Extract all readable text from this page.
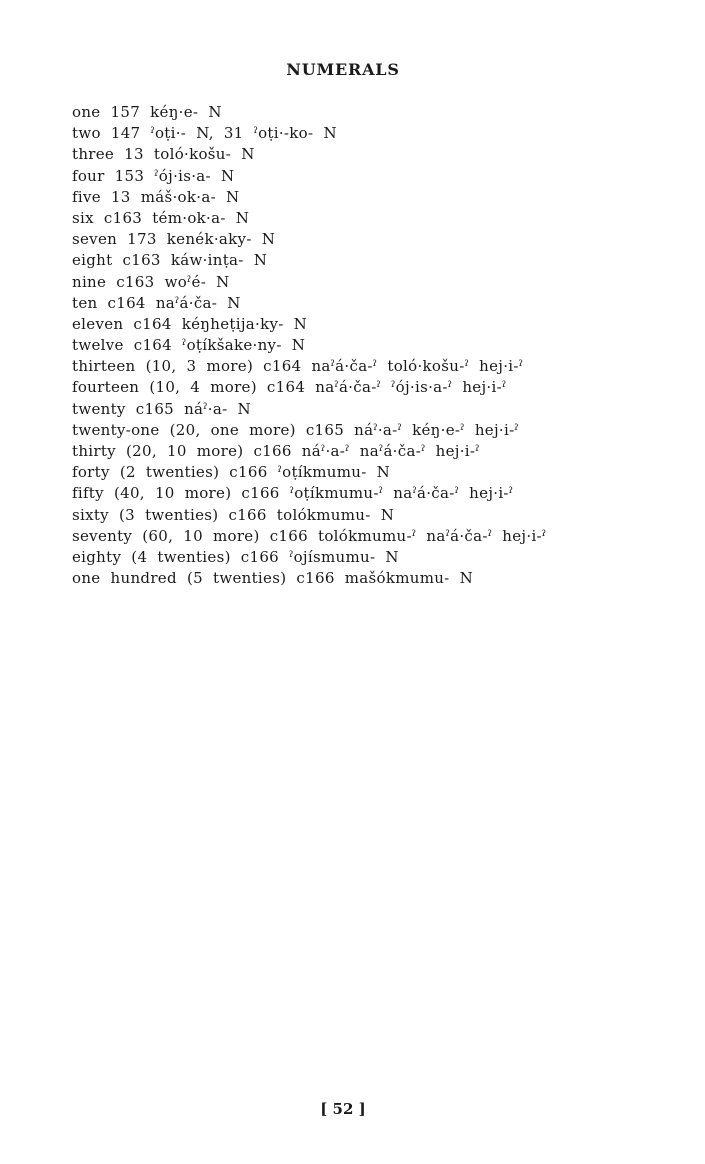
NUMERALS
one 157 kéŋ·e- N
two 147 ˀoṭi·- N, 31 ˀoṭi·-ko- N
three 13 toló·košu- N
four 153 ˀój·is·a- N
five 13 máš·ok·a- N
six c163 tém·ok·a- N
seven 173 kenék·aky- N
eight c163 káw·inṭa- N
nine c163 woˀé- N
ten c164 naˀá·ča- N
eleven c164 kéŋheṭija·ky- N
twelve c164 ˀoṭíkšake·ny- N
thirteen (10, 3 more) c164 naˀá·ča-ˀ toló·košu-ˀ hej·i-ˀ
fourteen (10, 4 more) c164 naˀá·ča-ˀ ˀój·is·a-ˀ hej·i-ˀ
twenty c165 náˀ·a- N
twenty-one (20, one more) c165 náˀ·a-ˀ kéŋ·e-ˀ hej·i-ˀ
thirty (20, 10 more) c166 náˀ·a-ˀ naˀá·ča-ˀ hej·i-ˀ
forty (2 twenties) c166 ˀoṭíkmumu- N
fifty (40, 10 more) c166 ˀoṭíkmumu-ˀ naˀá·ča-ˀ hej·i-ˀ
sixty (3 twenties) c166 tolókmumu- N
seventy (60, 10 more) c166 tolókmumu-ˀ naˀá·ča-ˀ hej·i-ˀ
eighty (4 twenties) c166 ˀojísmumu- N
one hundred (5 twenties) c166 mašókmumu- N

[ 52 ]
